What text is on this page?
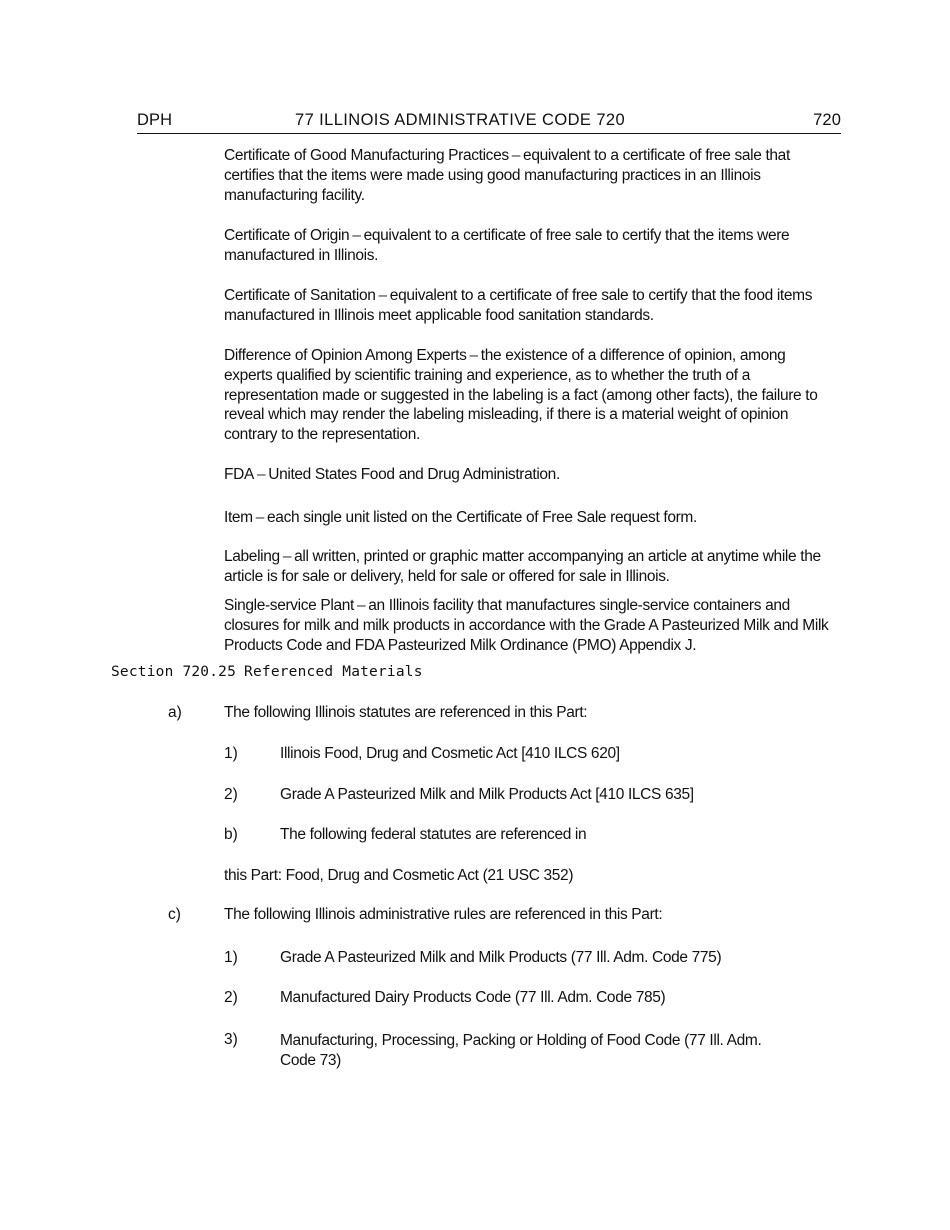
DPH	77 ILLINOIS ADMINISTRATIVE CODE 720	720
Certificate of Good Manufacturing Practices – equivalent to a certificate of free sale that certifies that the items were made using good manufacturing practices in an Illinois manufacturing facility.
Certificate of Origin – equivalent to a certificate of free sale to certify that the items were manufactured in Illinois.
Certificate of Sanitation – equivalent to a certificate of free sale to certify that the food items manufactured in Illinois meet applicable food sanitation standards.
Difference of Opinion Among Experts – the existence of a difference of opinion, among experts qualified by scientific training and experience, as to whether the truth of a representation made or suggested in the labeling is a fact (among other facts), the failure to reveal which may render the labeling misleading, if there is a material weight of opinion contrary to the representation.
FDA – United States Food and Drug Administration.
Item – each single unit listed on the Certificate of Free Sale request form.
Labeling – all written, printed or graphic matter accompanying an article at anytime while the article is for sale or delivery, held for sale or offered for sale in Illinois.
Single-service Plant – an Illinois facility that manufactures single-service containers and closures for milk and milk products in accordance with the Grade A Pasteurized Milk and Milk Products Code and FDA Pasteurized Milk Ordinance (PMO) Appendix J.
Section 720.25 Referenced Materials
a)	The following Illinois statutes are referenced in this Part:
1)	Illinois Food, Drug and Cosmetic Act [410 ILCS 620]
2)	Grade A Pasteurized Milk and Milk Products Act [410 ILCS 635]
b)	The following federal statutes are referenced in
this Part: Food, Drug and Cosmetic Act (21 USC 352)
c)	The following Illinois administrative rules are referenced in this Part:
1)	Grade A Pasteurized Milk and Milk Products (77 Ill. Adm. Code 775)
2)	Manufactured Dairy Products Code (77 Ill. Adm. Code 785)
3)	Manufacturing, Processing, Packing or Holding of Food Code (77 Ill. Adm. Code 73)
